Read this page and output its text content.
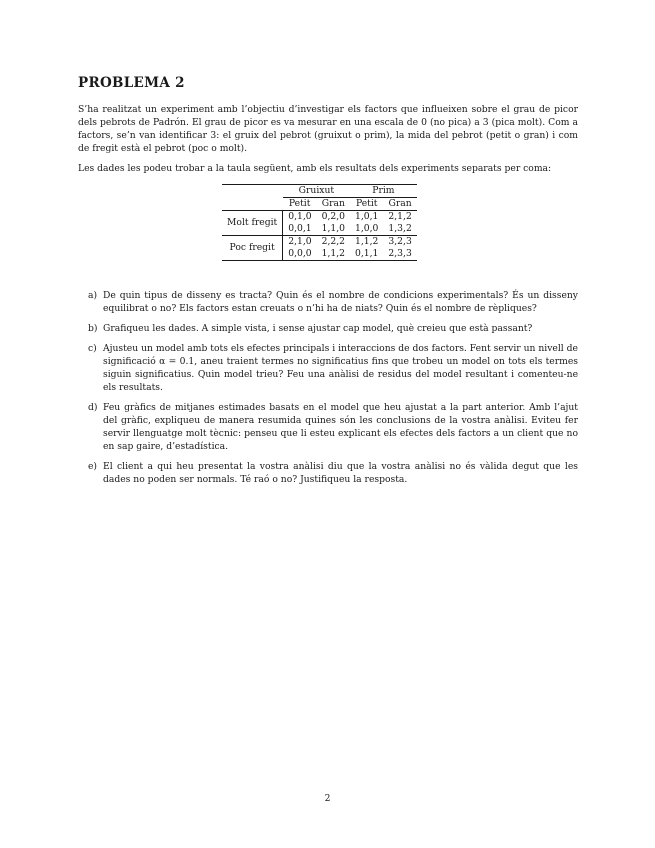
PROBLEMA 2
S’ha realitzat un experiment amb l’objectiu d’investigar els factors que influeixen sobre el grau de picor dels pebrots de Padrón. El grau de picor es va mesurar en una escala de 0 (no pica) a 3 (pica molt). Com a factors, se’n van identificar 3: el gruix del pebrot (gruixut o prim), la mida del pebrot (petit o gran) i com de fregit està el pebrot (poc o molt).
Les dades les podeu trobar a la taula següent, amb els resultats dels experiments separats per coma:
	Gruixut		Prim	
	Petit	Gran	Petit	Gran
Molt fregit	0,1,0	0,2,0	1,0,1	2,1,2
	0,0,1	1,1,0	1,0,0	1,3,2
Poc fregit	2,1,0	2,2,2	1,1,2	3,2,3
	0,0,0	1,1,2	0,1,1	2,3,3
a) De quin tipus de disseny es tracta? Quin és el nombre de condicions experimentals? És un disseny equilibrat o no? Els factors estan creuats o n’hi ha de niats? Quin és el nombre de rèpliques?
b) Grafiqueu les dades. A simple vista, i sense ajustar cap model, què creieu que està passant?
c) Ajusteu un model amb tots els efectes principals i interaccions de dos factors. Fent servir un nivell de significació α = 0.1, aneu traient termes no significatius fins que trobeu un model on tots els termes siguin significatius. Quin model trieu? Feu una anàlisi de residus del model resultant i comenteu-ne els resultats.
d) Feu gràfics de mitjanes estimades basats en el model que heu ajustat a la part anterior. Amb l’ajut del gràfic, expliqueu de manera resumida quines són les conclusions de la vostra anàlisi. Eviteu fer servir llenguatge molt tècnic: penseu que li esteu explicant els efectes dels factors a un client que no en sap gaire, d’estadística.
e) El client a qui heu presentat la vostra anàlisi diu que la vostra anàlisi no és vàlida degut que les dades no poden ser normals. Té raó o no? Justifiqueu la resposta.
2
